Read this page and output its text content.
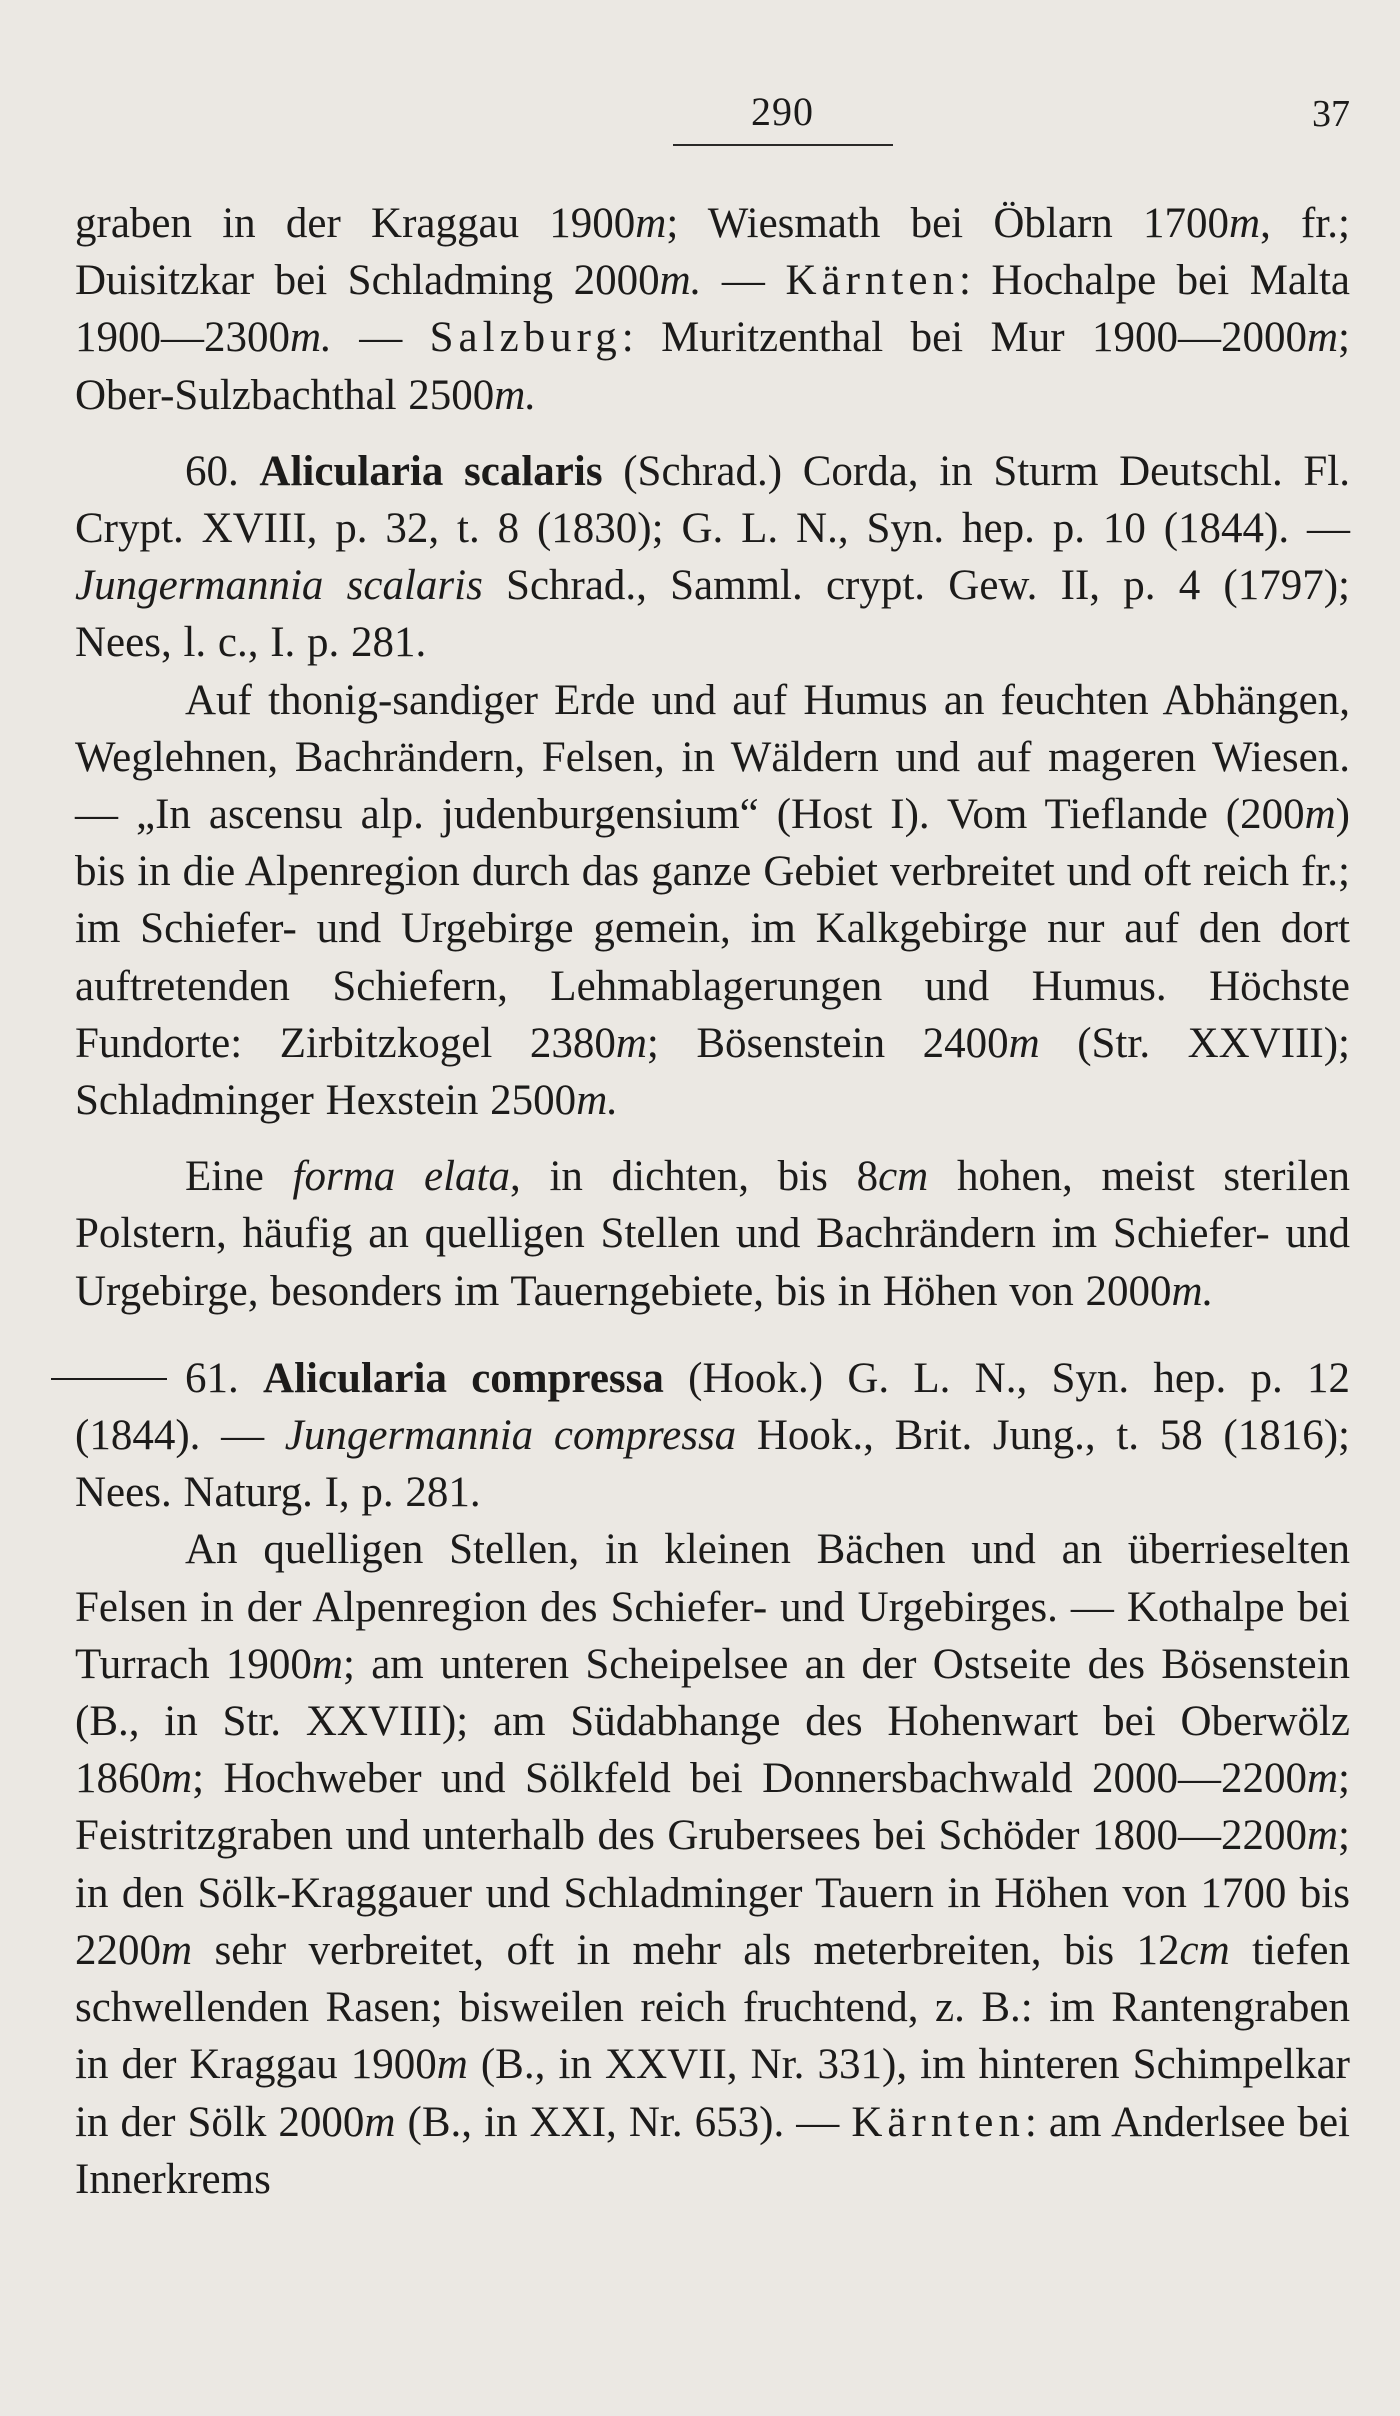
290	37

graben in der Kraggau 1900m; Wiesmath bei Öblarn 1700m, fr.; Duisitzkar bei Schladming 2000m. — Kärnten: Hochalpe bei Malta 1900—2300m. — Salzburg: Muritzenthal bei Mur 1900—2000m; Ober-Sulzbachthal 2500m.

60. Alicularia scalaris (Schrad.) Corda, in Sturm Deutschl. Fl. Crypt. XVIII, p. 32, t. 8 (1830); G. L. N., Syn. hep. p. 10 (1844). — Jungermannia scalaris Schrad., Samml. crypt. Gew. II, p. 4 (1797); Nees, l. c., I. p. 281.

Auf thonig-sandiger Erde und auf Humus an feuchten Abhängen, Weglehnen, Bachrändern, Felsen, in Wäldern und auf mageren Wiesen. — „In ascensu alp. judenburgensium“ (Host I). Vom Tieflande (200m) bis in die Alpenregion durch das ganze Gebiet verbreitet und oft reich fr.; im Schiefer- und Urgebirge gemein, im Kalkgebirge nur auf den dort auftretenden Schiefern, Lehmablagerungen und Humus. Höchste Fundorte: Zirbitzkogel 2380m; Bösenstein 2400m (Str. XXVIII); Schladminger Hexstein 2500m.

Eine forma elata, in dichten, bis 8cm hohen, meist sterilen Polstern, häufig an quelligen Stellen und Bachrändern im Schiefer- und Urgebirge, besonders im Tauerngebiete, bis in Höhen von 2000m.

61. Alicularia compressa (Hook.) G. L. N., Syn. hep. p. 12 (1844). — Jungermannia compressa Hook., Brit. Jung., t. 58 (1816); Nees. Naturg. I, p. 281.

An quelligen Stellen, in kleinen Bächen und an überrieselten Felsen in der Alpenregion des Schiefer- und Urgebirges. — Kothalpe bei Turrach 1900m; am unteren Scheipelsee an der Ostseite des Bösenstein (B., in Str. XXVIII); am Südabhange des Hohenwart bei Oberwölz 1860m; Hochweber und Sölkfeld bei Donnersbachwald 2000—2200m; Feistritzgraben und unterhalb des Grubersees bei Schöder 1800—2200m; in den Sölk-Kraggauer und Schladminger Tauern in Höhen von 1700 bis 2200m sehr verbreitet, oft in mehr als meterbreiten, bis 12cm tiefen schwellenden Rasen; bisweilen reich fruchtend, z. B.: im Rantengraben in der Kraggau 1900m (B., in XXVII, Nr. 331), im hinteren Schimpelkar in der Sölk 2000m (B., in XXI, Nr. 653). — Kärnten: am Anderlsee bei Innerkrems
